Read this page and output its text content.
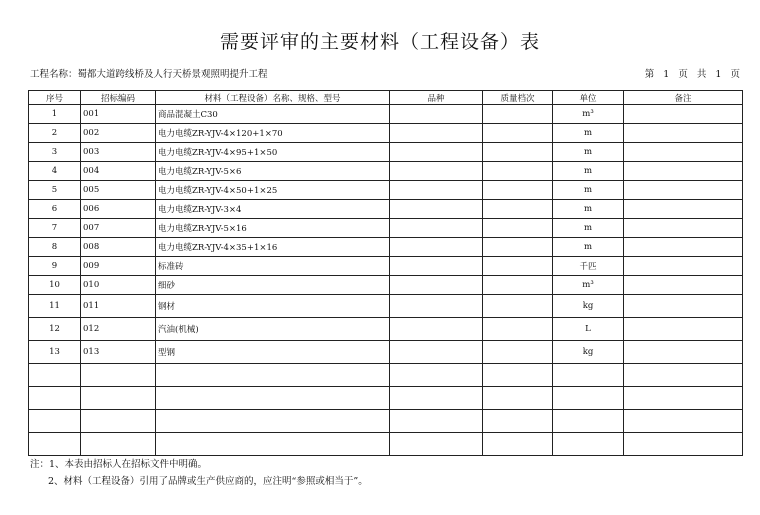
需要评审的主要材料（工程设备）表
工程名称：蜀都大道跨线桥及人行天桥景观照明提升工程	第 1 页 共 1 页
序号	招标编码	材料（工程设备）名称、规格、型号	品种	质量档次	单位	备注
1	001	商品混凝土C30			m³	
2	002	电力电缆ZR-YJV-4×120+1×70			m	
3	003	电力电缆ZR-YJV-4×95+1×50			m	
4	004	电力电缆ZR-YJV-5×6			m	
5	005	电力电缆ZR-YJV-4×50+1×25			m	
6	006	电力电缆ZR-YJV-3×4			m	
7	007	电力电缆ZR-YJV-5×16			m	
8	008	电力电缆ZR-YJV-4×35+1×16			m	
9	009	标准砖			千匹	
10	010	细砂			m³	
11	011	钢材			kg	
12	012	汽油(机械)			L	
13	013	型钢			kg	

注：1、本表由招标人在招标文件中明确。
2、材料（工程设备）引用了品牌或生产供应商的，应注明“参照或相当于”。
